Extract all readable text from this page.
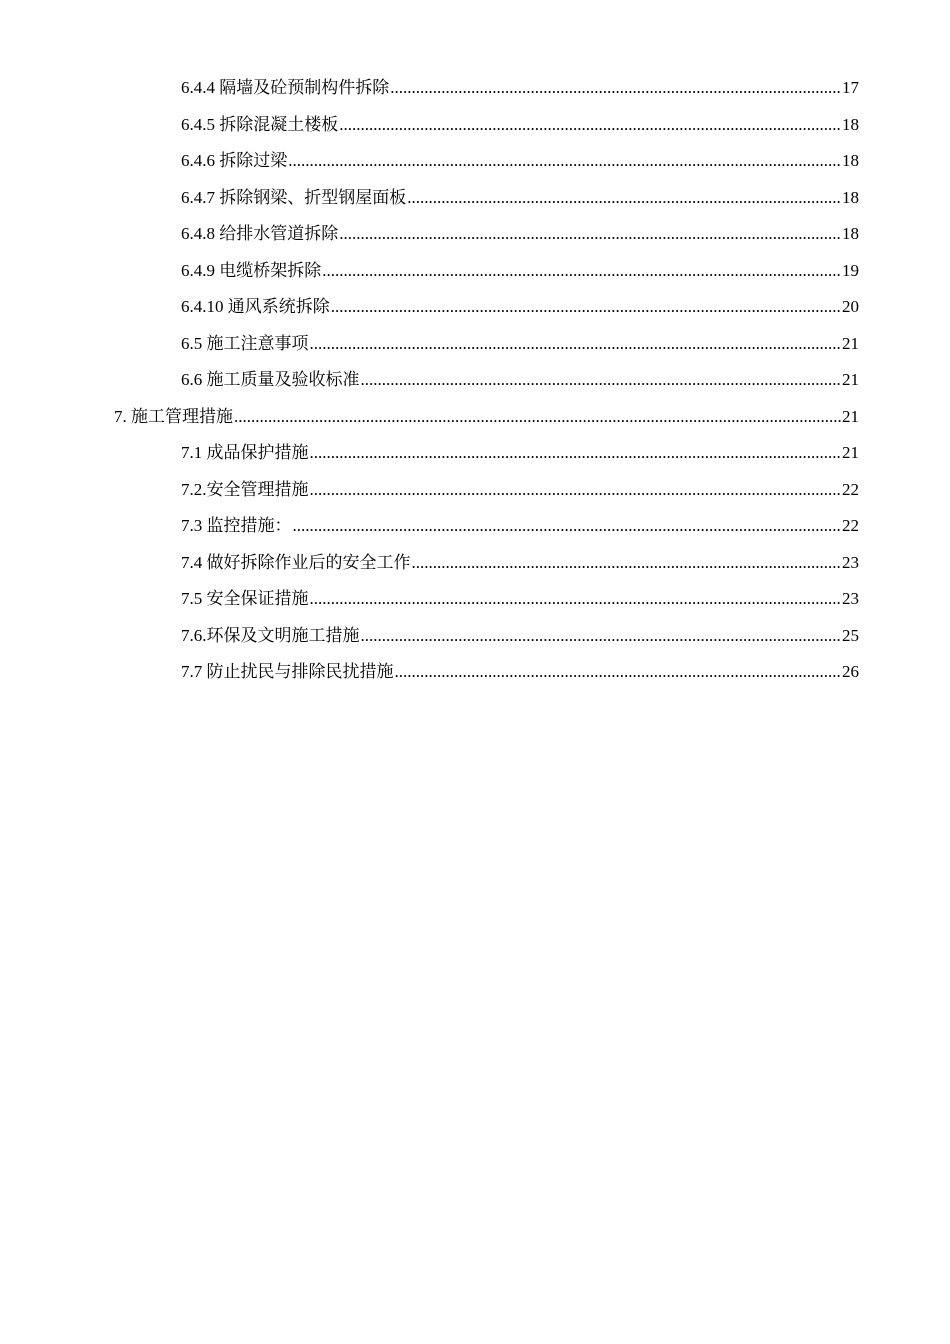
6.4.4 隔墙及砼预制构件拆除 .....	17
6.4.5 拆除混凝土楼板 .....	18
6.4.6 拆除过梁 .....	18
6.4.7 拆除钢梁、折型钢屋面板 .....	18
6.4.8 给排水管道拆除 .....	18
6.4.9 电缆桥架拆除 .....	19
6.4.10 通风系统拆除 .....	20
6.5 施工注意事项 .....	21
6.6 施工质量及验收标准 .....	21
7. 施工管理措施 .....	21
7.1 成品保护措施 .....	21
7.2.安全管理措施 .....	22
7.3 监控措施： .....	22
7.4 做好拆除作业后的安全工作 .....	23
7.5 安全保证措施 .....	23
7.6.环保及文明施工措施 .....	25
7.7 防止扰民与排除民扰措施 .....	26
